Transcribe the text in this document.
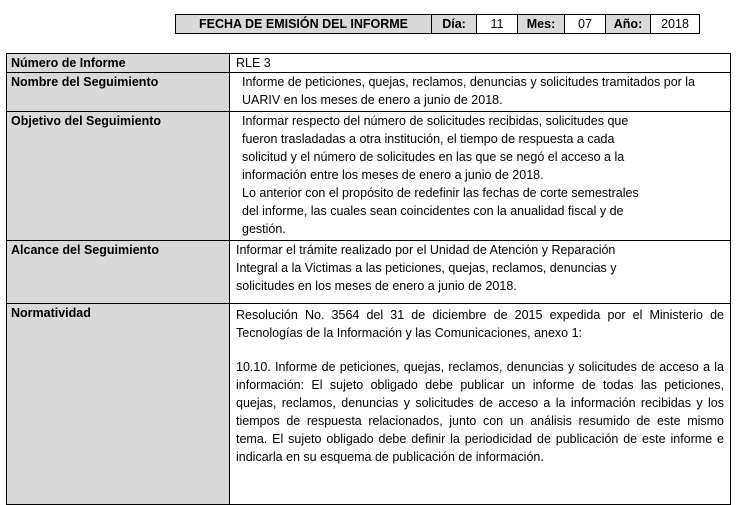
FECHA DE EMISIÓN DEL INFORME	Día:	11	Mes:	07	Año:	2018
Número de Informe	RLE 3
Nombre del Seguimiento	Informe de peticiones, quejas, reclamos, denuncias y solicitudes tramitados por la UARIV en los meses de enero a junio de 2018.
Objetivo del Seguimiento	Informar respecto del número de solicitudes recibidas, solicitudes que fueron trasladadas a otra institución, el tiempo de respuesta a cada solicitud y el número de solicitudes en las que se negó el acceso a la información entre los meses de enero a junio de 2018.

Lo anterior con el propósito de redefinir las fechas de corte semestrales del informe, las cuales sean coincidentes con la anualidad fiscal y de gestión.

Alcance del Seguimiento	Informar el trámite realizado por el Unidad de Atención y Reparación Integral a la Victimas a las peticiones, quejas, reclamos, denuncias y solicitudes en los meses de enero a junio de 2018.
Normatividad	Resolución No. 3564 del 31 de diciembre de 2015 expedida por el Ministerio de Tecnologías de la Información y las Comunicaciones, anexo 1:

10.10. Informe de peticiones, quejas, reclamos, denuncias y solicitudes de acceso a la información: El sujeto obligado debe publicar un informe de todas las peticiones, quejas, reclamos, denuncias y solicitudes de acceso a la información recibidas y los tiempos de respuesta relacionados, junto con un análisis resumido de este mismo tema. El sujeto obligado debe definir la periodicidad de publicación de este informe e indicarla en su esquema de publicación de información.
